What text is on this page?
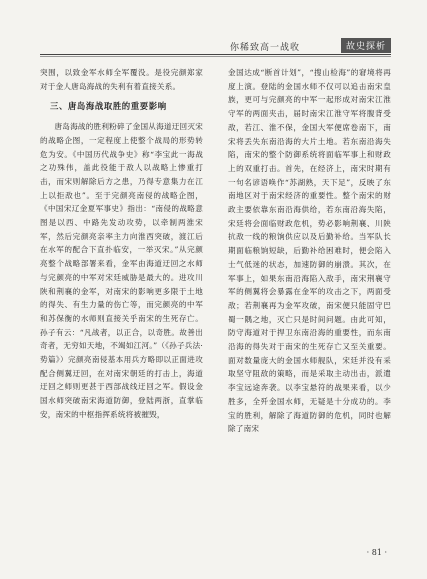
你稀致高一战收	故史探析

突围，以致金军水师全军覆没。是役完颜郑家对于金人唐岛海战的失利有着直接关系。

三、唐岛海战取胜的重要影响

唐岛海战的胜利粉碎了金国从海道迂回灭宋的战略企图，一定程度上使整个战局的形势转危为安。《中国历代战争史》称“李宝此一海战之功殊伟，盖此役能于敌人以战略上惨重打击，而宋则解除后方之患，乃得专意集力在江上以拒敌也”。至于完颜亮南侵的战略企图，《中国宋辽金夏军事史》指出：“南侵的战略意图是以西、中路先发动攻势，以牵制两淮宋军，然后完颜亮亲率主力向淮西突破，渡江后在水军的配合下直扑临安，一举灭宋。”从完颜亮整个战略部署来看，金军由海道迂回之水师与完颜亮的中军对宋廷威胁是最大的。进攻川陕和荆襄的金军，对南宋的影响更多限于土地的得失、有生力量的伤亡等，而完颜亮的中军和苏保衡的水师则直接关乎南宋的生死存亡。孙子有云：“凡战者，以正合，以奇胜。故善出奇者，无穷如天地，不竭如江河。”（《孙子兵法·势篇》）完颜亮南侵基本用兵方略即以正面进攻配合侧翼迂回，在对南宋朝廷的打击上，海道迂回之师则更甚于西部战线迂回之军。假设金国水师突破南宋海道防御，登陆两浙，直掌临安，南宋的中枢指挥系统将被摧毁，

金国达成“断首计划”，“搜山检海”的窘境将再度上演。登陆的金国水师不仅可以追击南宋皇族，更可与完颜亮的中军一起形成对南宋江淮守军的两面夹击，届时南宋江淮守军将腹背受敌，若江、淮不保，金国大军便席卷南下，南宋将丢失东南沿海的大片土地。若东南沿海失陷，南宋的整个防御系统将面临军事上和财政上的双重打击。首先，在经济上，南宋时期有一句名谚语唤作“苏湖熟，天下足”，反映了东南地区对于南宋经济的重要性。整个南宋的财政主要依靠东南沿海供给，若东南沿海失陷，宋廷将会面临财政危机，势必影响荆襄、川陕抗敌一线的粮饷供应以及后勤补给。当军队长期面临粮饷短缺，后勤补给困难时，便会陷入士气低迷的状态，加速防御的崩溃。其次，在军事上，如果东南沿海陷入敌手，南宋荆襄守军的侧翼将会暴露在金军的攻击之下，两面受敌；若荆襄再为金军攻破，南宋便只能固守巴蜀一隅之地，灭亡只是时间问题。由此可知，防守海道对于捍卫东南沿海的重要性，而东南沿海的得失对于南宋的生死存亡又至关重要。面对数量庞大的金国水师舰队，宋廷并没有采取坚守阻敌的策略，而是采取主动出击，派遣李宝远途奔袭。以李宝悬符的战果来看，以少胜多，全歼金国水师，无疑是十分成功的。李宝的胜利，解除了海道防御的危机，同时也解除了南宋

· 81 ·
